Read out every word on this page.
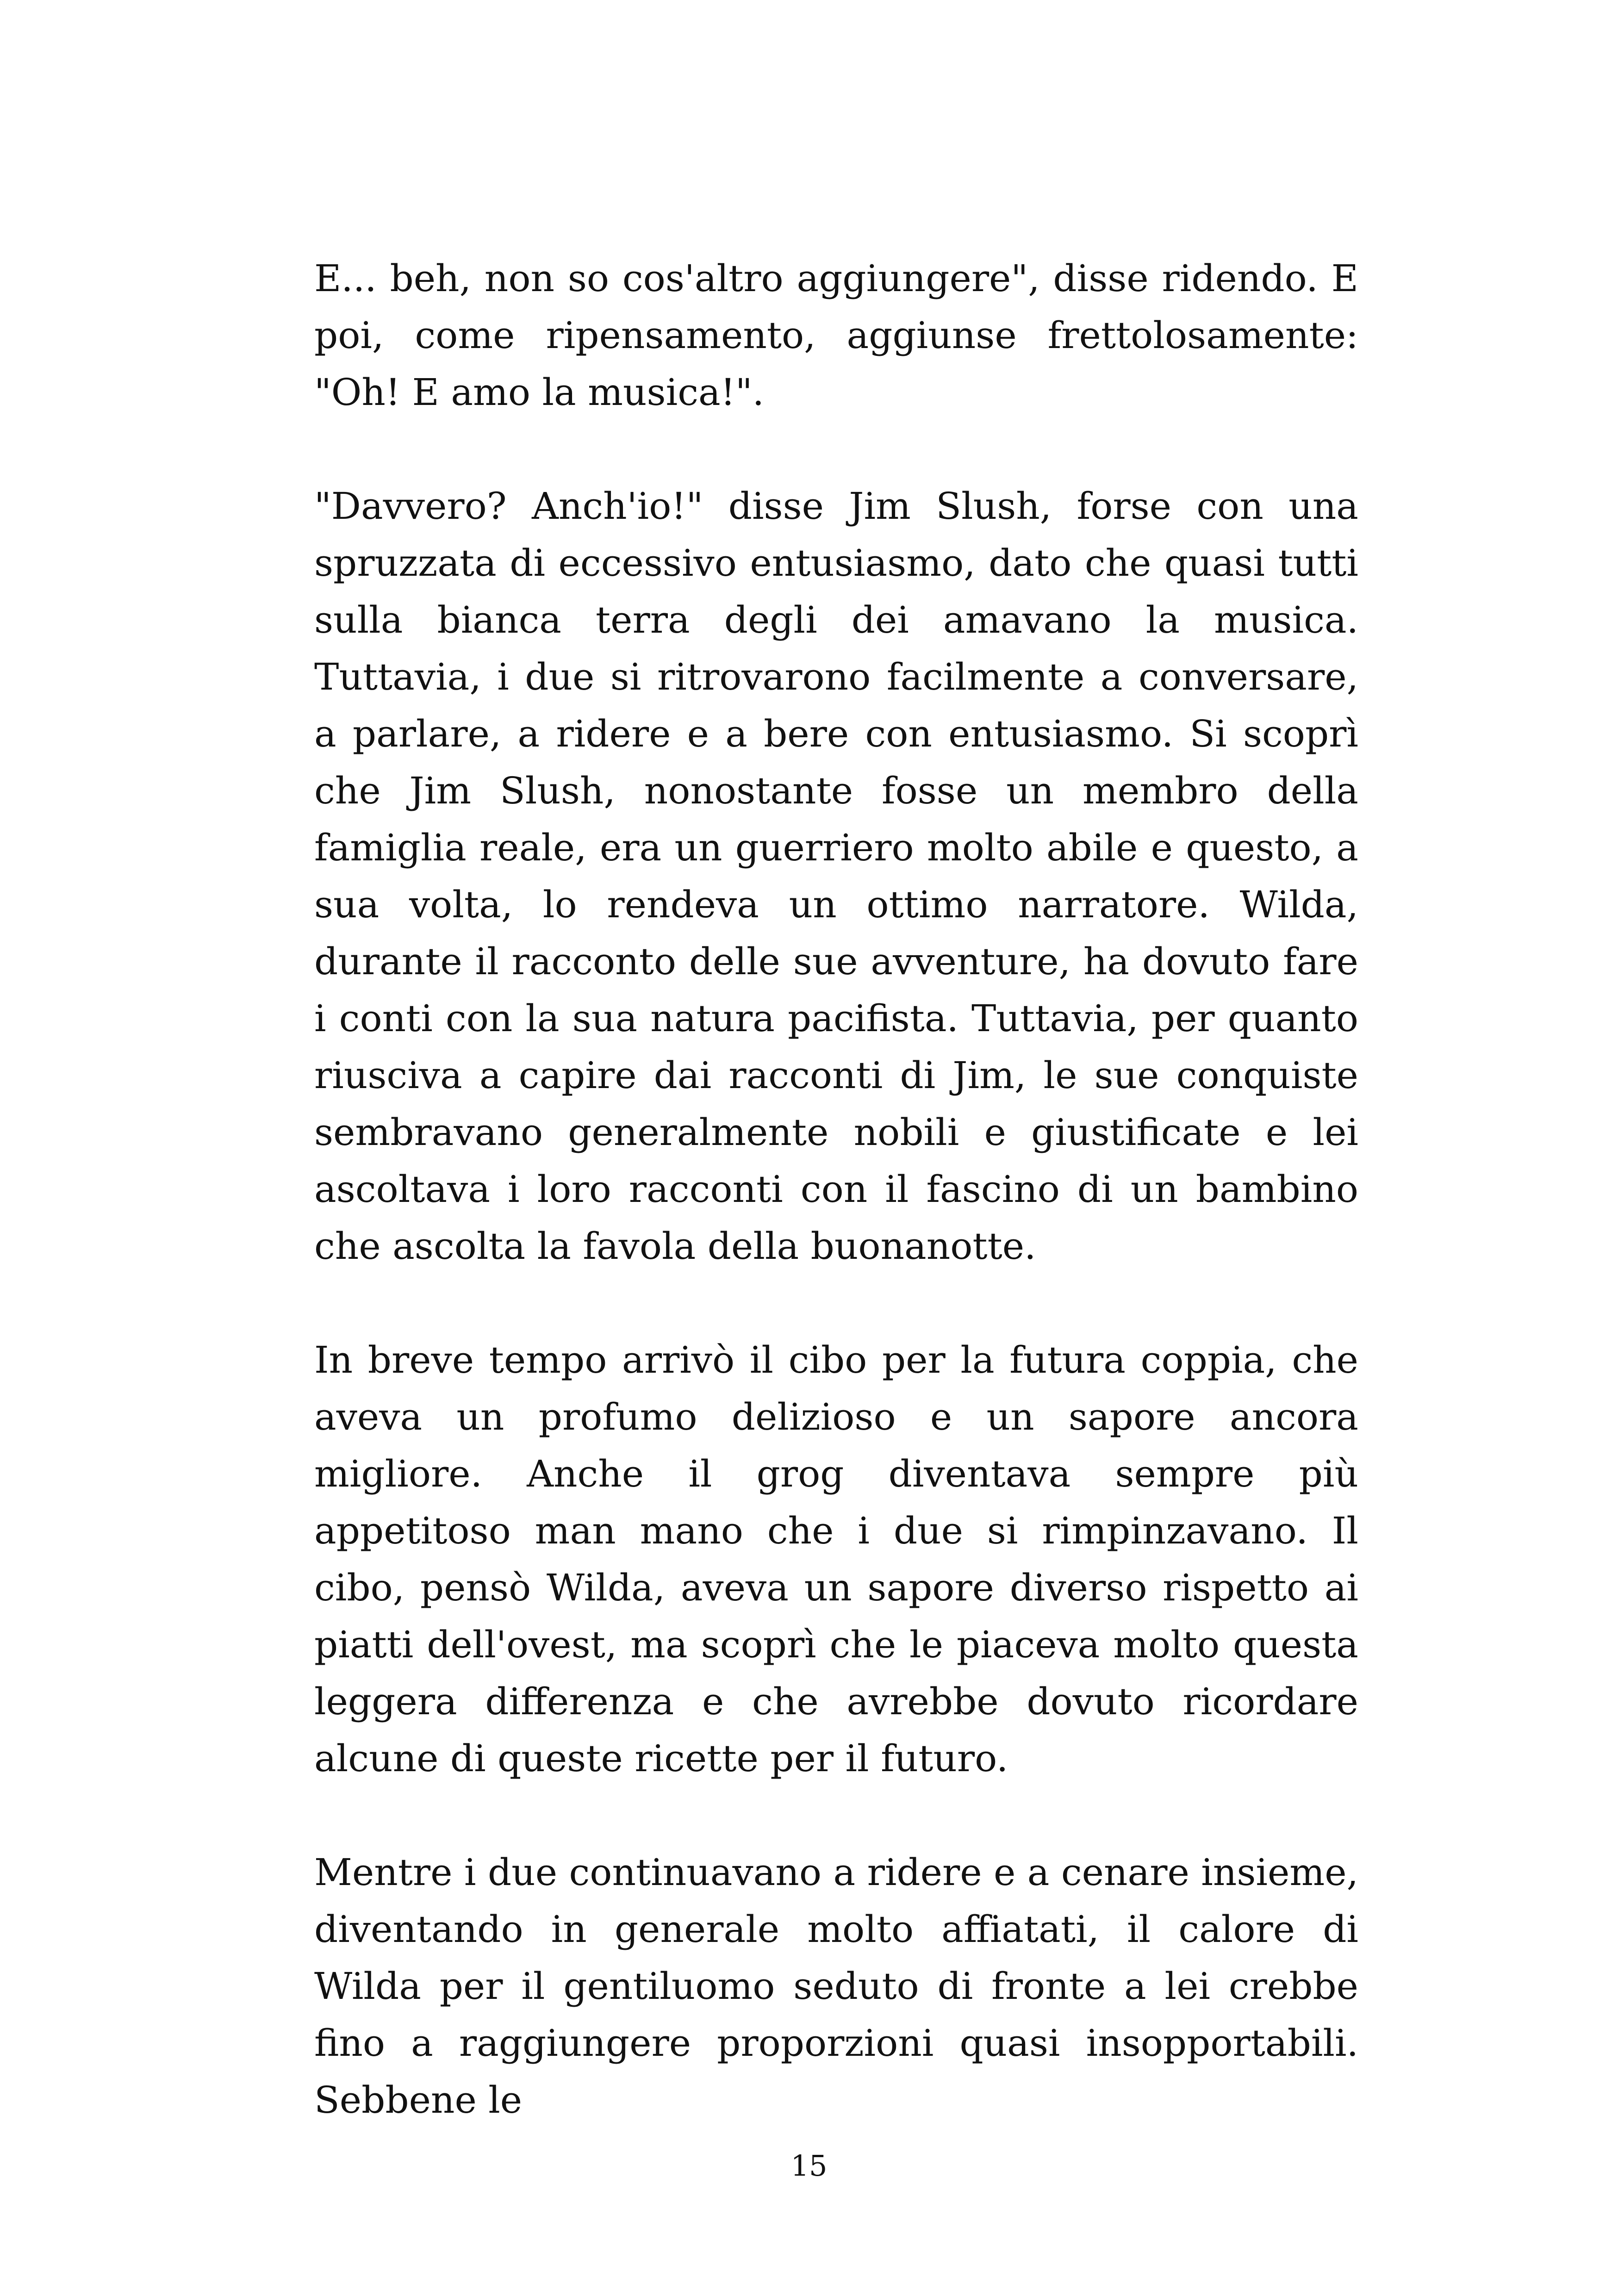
E... beh, non so cos'altro aggiungere", disse ridendo. E poi, come ripensamento, aggiunse frettolosamente: "Oh! E amo la musica!".

"Davvero? Anch'io!" disse Jim Slush, forse con una spruzzata di eccessivo entusiasmo, dato che quasi tutti sulla bianca terra degli dei amavano la musica. Tuttavia, i due si ritrovarono facilmente a conversare, a parlare, a ridere e a bere con entusiasmo. Si scoprì che Jim Slush, nonostante fosse un membro della famiglia reale, era un guerriero molto abile e questo, a sua volta, lo rendeva un ottimo narratore. Wilda, durante il racconto delle sue avventure, ha dovuto fare i conti con la sua natura pacifista. Tuttavia, per quanto riusciva a capire dai racconti di Jim, le sue conquiste sembravano generalmente nobili e giustificate e lei ascoltava i loro racconti con il fascino di un bambino che ascolta la favola della buonanotte.

In breve tempo arrivò il cibo per la futura coppia, che aveva un profumo delizioso e un sapore ancora migliore. Anche il grog diventava sempre più appetitoso man mano che i due si rimpinzavano. Il cibo, pensò Wilda, aveva un sapore diverso rispetto ai piatti dell'ovest, ma scoprì che le piaceva molto questa leggera differenza e che avrebbe dovuto ricordare alcune di queste ricette per il futuro.

Mentre i due continuavano a ridere e a cenare insieme, diventando in generale molto affiatati, il calore di Wilda per il gentiluomo seduto di fronte a lei crebbe fino a raggiungere proporzioni quasi insopportabili. Sebbene le

15
